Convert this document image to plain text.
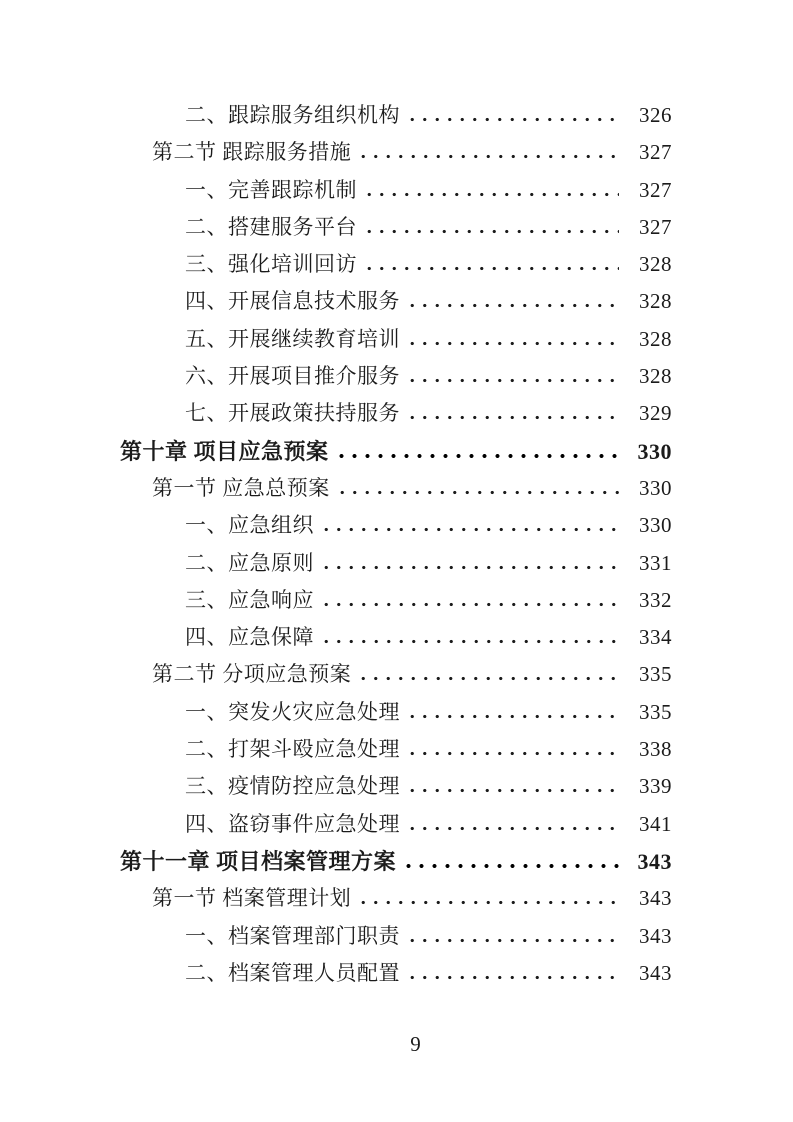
二、跟踪服务组织机构	326
第二节 跟踪服务措施	327
一、完善跟踪机制	327
二、搭建服务平台	327
三、强化培训回访	328
四、开展信息技术服务	328
五、开展继续教育培训	328
六、开展项目推介服务	328
七、开展政策扶持服务	329
第十章 项目应急预案	330
第一节 应急总预案	330
一、应急组织	330
二、应急原则	331
三、应急响应	332
四、应急保障	334
第二节 分项应急预案	335
一、突发火灾应急处理	335
二、打架斗殴应急处理	338
三、疫情防控应急处理	339
四、盗窃事件应急处理	341
第十一章 项目档案管理方案	343
第一节 档案管理计划	343
一、档案管理部门职责	343
二、档案管理人员配置	343
9
